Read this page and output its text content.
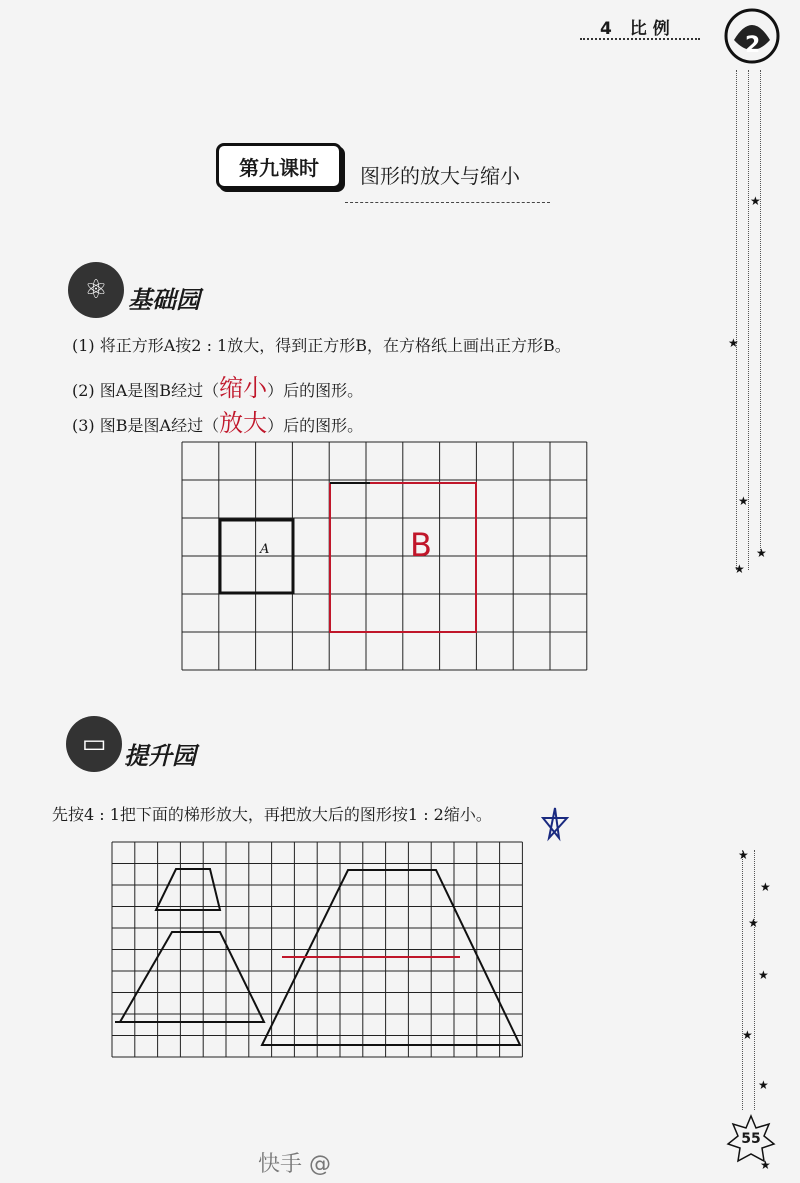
4 比例
2
★
★
★
★
★
★
★
★
★
★
★
★
第九课时	图形的放大与缩小
⚛ 基础园
(1) 将正方形A按2 : 1放大，得到正方形B，在方格纸上画出正方形B。
(2) 图A是图B经过（缩小）后的图形。
(3) 图B是图A经过（放大）后的图形。
A	B
▭ 提升园
先按4 : 1把下面的梯形放大，再把放大后的图形按1 : 2缩小。
55
快手 @
